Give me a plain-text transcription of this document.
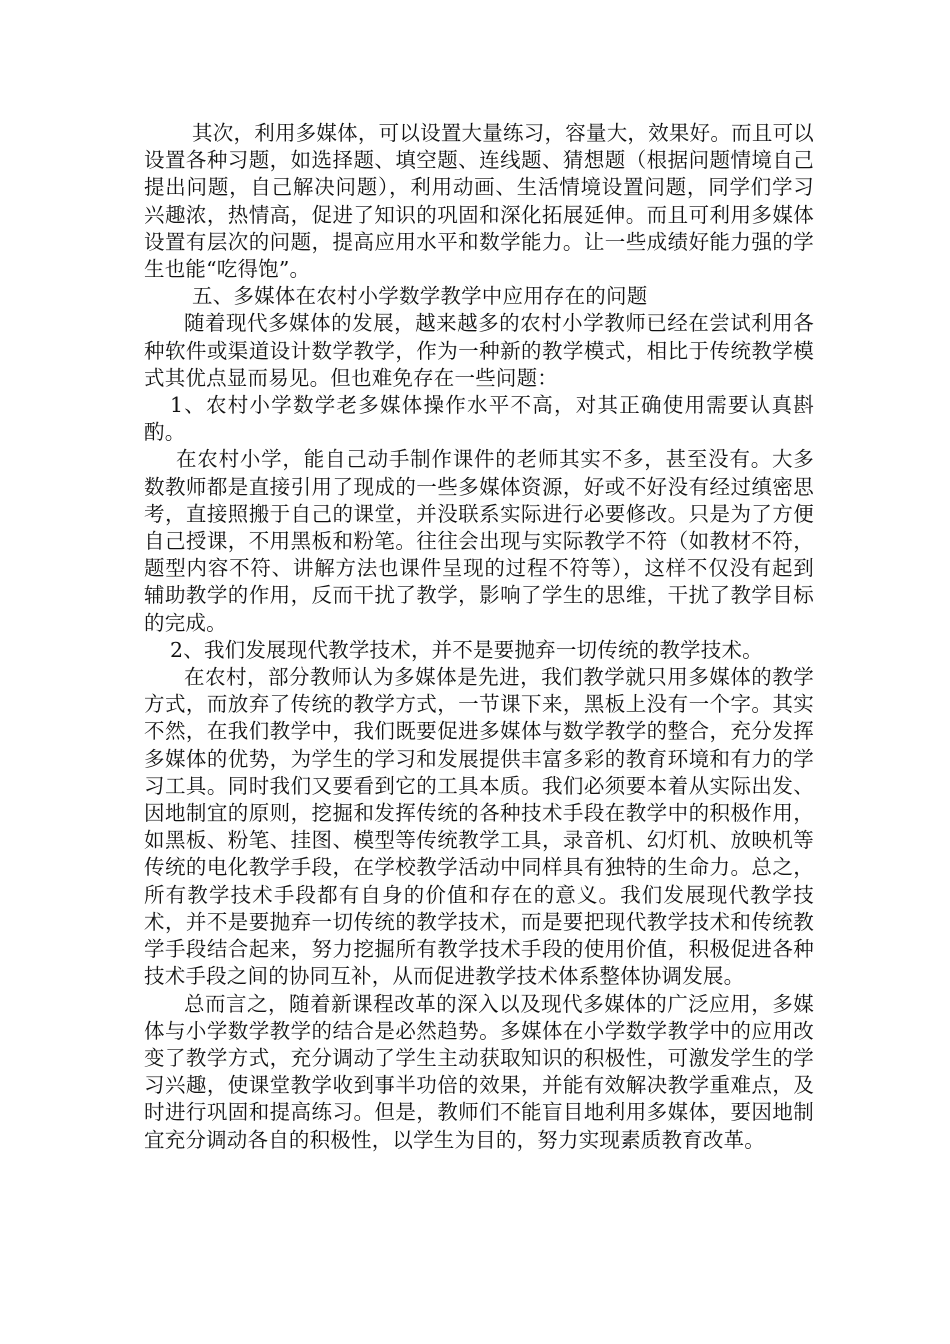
其次，利用多媒体，可以设置大量练习，容量大，效果好。而且可以设置各种习题，如选择题、填空题、连线题、猜想题（根据问题情境自己提出问题，自己解决问题），利用动画、生活情境设置问题，同学们学习兴趣浓，热情高，促进了知识的巩固和深化拓展延伸。而且可利用多媒体设置有层次的问题，提高应用水平和数学能力。让一些成绩好能力强的学生也能“吃得饱”。

五、多媒体在农村小学数学教学中应用存在的问题

随着现代多媒体的发展，越来越多的农村小学教师已经在尝试利用各种软件或渠道设计数学教学，作为一种新的教学模式，相比于传统教学模式其优点显而易见。但也难免存在一些问题：

1、农村小学数学老多媒体操作水平不高，对其正确使用需要认真斟酌。

在农村小学，能自己动手制作课件的老师其实不多，甚至没有。大多数教师都是直接引用了现成的一些多媒体资源，好或不好没有经过缜密思考，直接照搬于自己的课堂，并没联系实际进行必要修改。只是为了方便自己授课，不用黑板和粉笔。往往会出现与实际教学不符（如教材不符，题型内容不符、讲解方法也课件呈现的过程不符等），这样不仅没有起到辅助教学的作用，反而干扰了教学，影响了学生的思维，干扰了教学目标的完成。

2、我们发展现代教学技术，并不是要抛弃一切传统的教学技术。

在农村，部分教师认为多媒体是先进，我们教学就只用多媒体的教学方式，而放弃了传统的教学方式，一节课下来，黑板上没有一个字。其实不然，在我们教学中，我们既要促进多媒体与数学教学的整合，充分发挥多媒体的优势，为学生的学习和发展提供丰富多彩的教育环境和有力的学习工具。同时我们又要看到它的工具本质。我们必须要本着从实际出发、因地制宜的原则，挖掘和发挥传统的各种技术手段在教学中的积极作用，如黑板、粉笔、挂图、模型等传统教学工具，录音机、幻灯机、放映机等传统的电化教学手段，在学校教学活动中同样具有独特的生命力。总之，所有教学技术手段都有自身的价值和存在的意义。我们发展现代教学技术，并不是要抛弃一切传统的教学技术，而是要把现代教学技术和传统教学手段结合起来，努力挖掘所有教学技术手段的使用价值，积极促进各种技术手段之间的协同互补，从而促进教学技术体系整体协调发展。

总而言之，随着新课程改革的深入以及现代多媒体的广泛应用，多媒体与小学数学教学的结合是必然趋势。多媒体在小学数学教学中的应用改变了教学方式，充分调动了学生主动获取知识的积极性，可激发学生的学习兴趣，使课堂教学收到事半功倍的效果，并能有效解决教学重难点，及时进行巩固和提高练习。但是，教师们不能盲目地利用多媒体，要因地制宜充分调动各自的积极性，以学生为目的，努力实现素质教育改革。
